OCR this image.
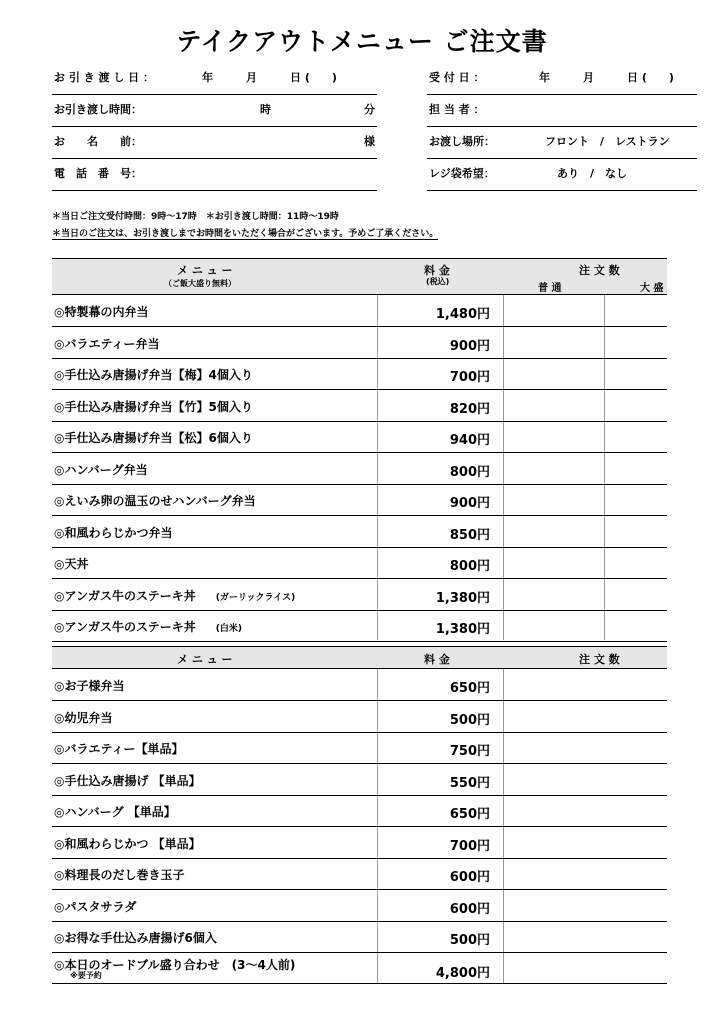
テイクアウトメニュー ご注文書
お 引 き 渡 し 日 ：	年　　　月　　　日 (　　)
お引き渡し時間：	時	分
お　　名　　前：	様
電　話　番　号：
受 付 日 ：	年　　　月　　　日 (　　)
担 当 者 ：
お渡し場所：	フロント　/　レストラン
レジ袋希望：	あり　/　なし
＊当日ご注文受付時間：9時～17時　＊お引き渡し時間：11時～19時
＊当日のご注文は、お引き渡しまでお時間をいただく場合がございます。予めご了承ください。
メ ニ ュ ー
（ご飯大盛り無料）
料 金
(税込)
注 文 数
普 通	大 盛
◎特製幕の内弁当	1,480円
◎バラエティー弁当	900円
◎手仕込み唐揚げ弁当【梅】4個入り	700円
◎手仕込み唐揚げ弁当【竹】5個入り	820円
◎手仕込み唐揚げ弁当【松】6個入り	940円
◎ハンバーグ弁当	800円
◎えいみ卵の温玉のせハンバーグ弁当	900円
◎和風わらじかつ弁当	850円
◎天丼	800円
◎アンガス牛のステーキ丼 (ガーリックライス)	1,380円
◎アンガス牛のステーキ丼 (白米)	1,380円
メ ニ ュ ー	料 金	注 文 数
◎お子様弁当	650円
◎幼児弁当	500円
◎バラエティー【単品】	750円
◎手仕込み唐揚げ 【単品】	550円
◎ハンバーグ 【単品】	650円
◎和風わらじかつ 【単品】	700円
◎料理長のだし巻き玉子	600円
◎パスタサラダ	600円
◎お得な手仕込み唐揚げ6個入	500円
◎本日のオードブル盛り合わせ　(3～4人前)
※要予約	4,800円
